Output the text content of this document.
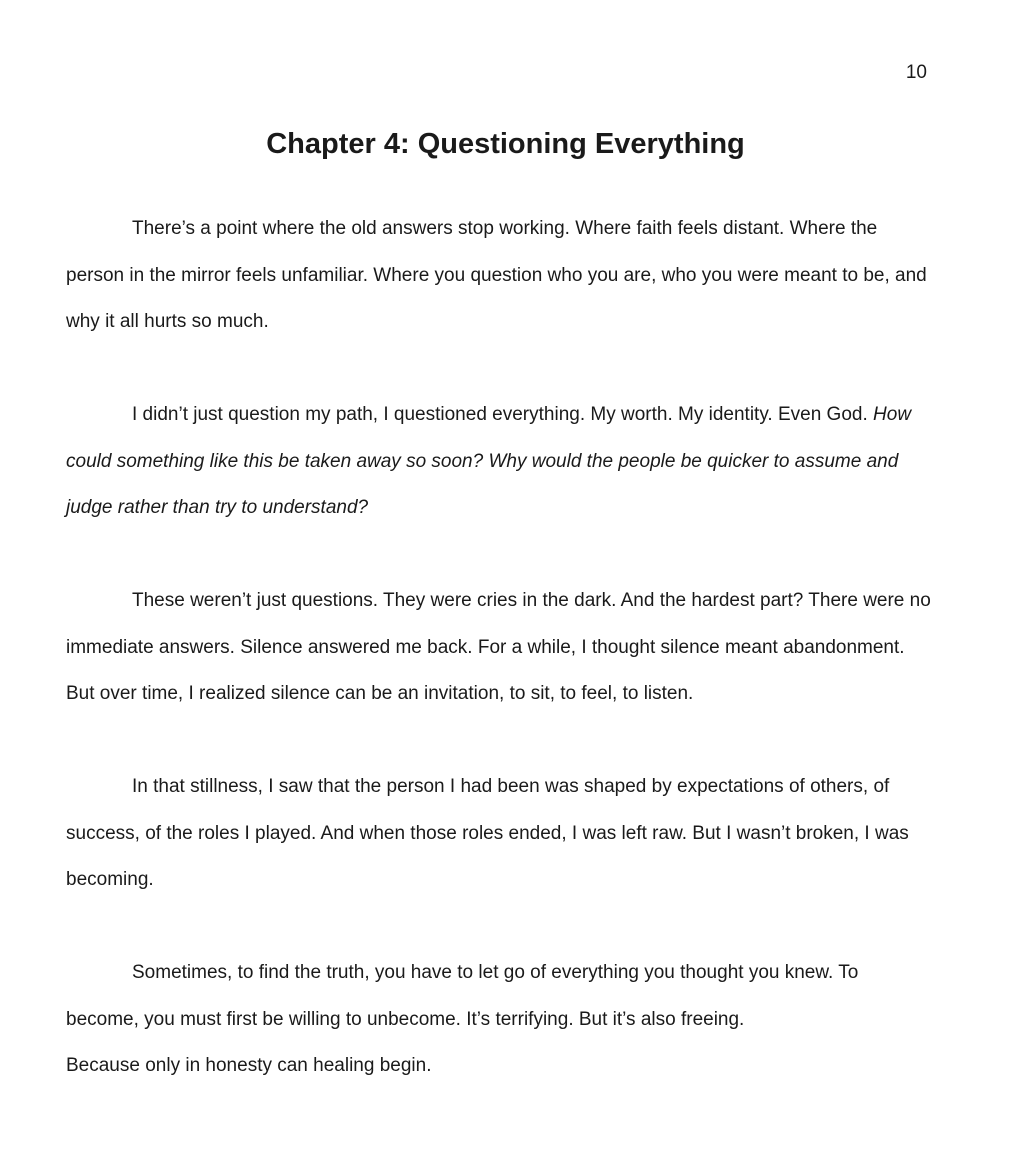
10
Chapter 4: Questioning Everything

There’s a point where the old answers stop working. Where faith feels distant. Where the person in the mirror feels unfamiliar. Where you question who you are, who you were meant to be, and why it all hurts so much.

I didn’t just question my path, I questioned everything. My worth. My identity. Even God. How could something like this be taken away so soon? Why would the people be quicker to assume and judge rather than try to understand?

These weren’t just questions. They were cries in the dark. And the hardest part? There were no immediate answers. Silence answered me back. For a while, I thought silence meant abandonment. But over time, I realized silence can be an invitation, to sit, to feel, to listen.

In that stillness, I saw that the person I had been was shaped by expectations of others, of success, of the roles I played. And when those roles ended, I was left raw. But I wasn’t broken, I was becoming.

Sometimes, to find the truth, you have to let go of everything you thought you knew. To become, you must first be willing to unbecome. It’s terrifying. But it’s also freeing.
Because only in honesty can healing begin.
